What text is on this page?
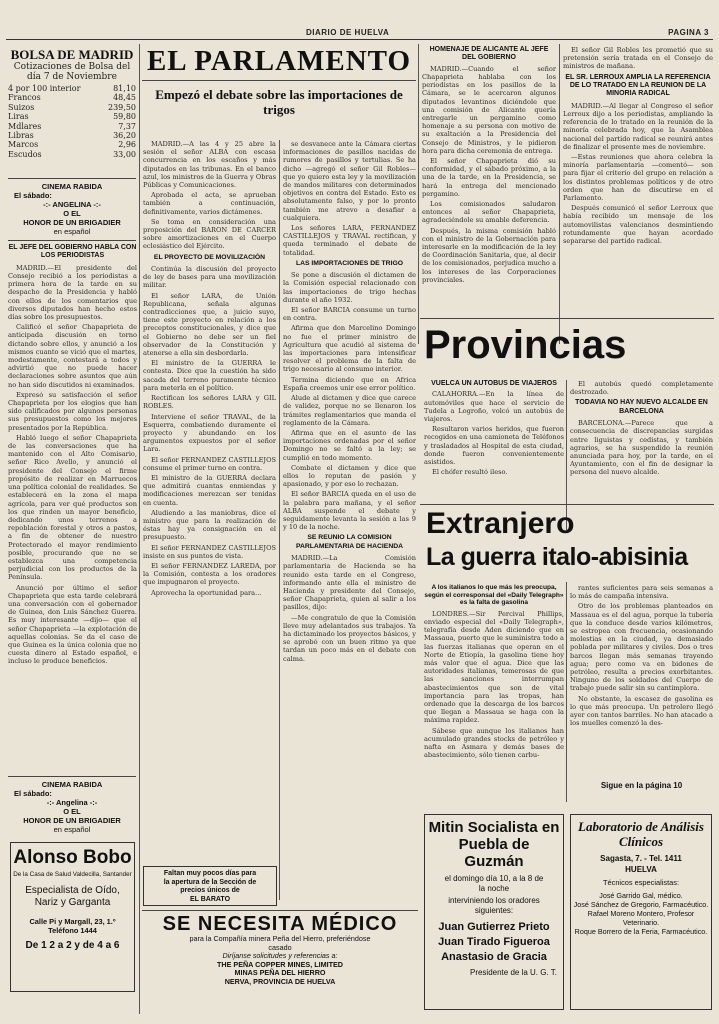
DIARIO DE HUELVA	PAGINA 3
BOLSA DE MADRID
Cotizaciones de Bolsa del
día 7 de Noviembre
4 por 100 interior	81,10
Francos	48,45
Suizos	239,50
Liras	59,80
Mdlares	7,37
Libras	36,20
Marcos	2,96
Escudos	33,00
CINEMA RABIDA
El sábado:
-:- ANGELINA -:-
O EL
HONOR DE UN BRIGADIER
en español
EL JEFE DEL GOBIERNO HABLA CON LOS PERIODISTAS

MADRID.—El presidente del Consejo recibió a los periodistas a primera hora de la tarde en su despacho de la Presidencia y habló con ellos de los comentarios que diversos diputados han hecho estos días sobre los presupuestos.

Calificó el señor Chapaprieta de anticipada discusión en torno dictando sobre ellos, y anunció a los mismos cuanto se vició que el martes, modestamente, contestará a todos y advirtió que no puede hacer declaraciones sobre asuntos que aún no han sido discutidos ni examinados.

Expresó su satisfacción el señor Chapaprieta por los elogios que han sido calificados por algunos personas sus presupuestos como los mejores presentados por la República.

Habló luego el señor Chapaprieta de las conversaciones que ha mantenido con el Alto Comisario, señor Rico Avello, y anunció el presidente del Consejo el firme propósito de realizar en Marruecos una política colonial de realidades. Se establecerá en la zona el mapa agrícola, para ver qué productos son los que rinden un mayor beneficio, dedicando unos terrenos a repoblación forestal y otros a pastos, a fin de obtener de nuestro Protectorado el mayor rendimiento posible, procurando que no se establezca una competencia perjudicial con los productos de la Península.

Anunció por último el señor Chapaprieta que esta tarde celebrará una conversación con el gobernador de Guinea, don Luis Sánchez Guerra. Es muy interesante —dijo— que el señor Chapaprieta —la explotación de aquellas colonias. Se da el caso de que Guinea es la única colonia que no cuesta dinero al Estado español, e incluso le produce beneficios.

CINEMA RABIDA
El sábado:
-:- Angelina -:-
O EL
HONOR DE UN BRIGADIER
en español
Alonso Bobo
De la Casa de Salud Valdecilla, Santander
Especialista de Oído,
Nariz y Garganta
Calle Pi y Margall, 23, 1.º
Teléfono 1444
De 1 2 a 2 y de 4 a 6
EL PARLAMENTO
Empezó el debate sobre las importaciones de trigos

MADRID.—A las 4 y 25 abre la sesión el señor ALBA con escasa concurrencia en los escaños y más diputados en las tribunas. En el banco azul, los ministros de la Guerra y Obras Públicas y Comunicaciones.

Aprobada el acta, se aprueban también a continuación, definitivamente, varios dictámenes.

Se toma en consideración una proposición del BARON DE CARCER sobre amortizaciones en el Cuerpo eclesiástico del Ejército.

EL PROYECTO DE MOVILIZACIÓN

Continúa la discusión del proyecto de ley de bases para una movilización militar.

El señor LARA, de Unión Republicana, señala algunas contradicciones que, a juicio suyo, tiene este proyecto en relación a los preceptos constitucionales, y dice que el Gobierno no debe ser un fiel observador de la Constitución y atenerse a ella sin desbordarla.

El ministro de la GUERRA le contesta. Dice que la cuestión ha sido sacada del terreno puramente técnico para meterla en el político.

Rectifican los señores LARA y GIL ROBLES.

Interviene el señor TRAVAL, de la Esquerra, combatiendo duramente el proyecto y abundando en los argumentos expuestos por el señor Lara.

El señor FERNANDEZ CASTILLEJOS consume el primer turno en contra.

El ministro de la GUERRA declara que admitirá cuantas enmiendas y modificaciones merezcan ser tenidas en cuenta.

Aludiendo a las maniobras, dice el ministro que para la realización de éstas hay ya consignación en el presupuesto.

El señor FERNANDEZ CASTILLEJOS insiste en sus puntos de vista.

El señor FERNANDEZ LAREDA, por la Comisión, contesta a los oradores que impugnaron el proyecto.

Aprovecha la oportunidad para...

se desvanece ante la Cámara ciertas informaciones de pasillos nacidas de rumores de pasillos y tertulias. Se ha dicho —agregó el señor Gil Robles— que yo quiero esta ley y la movilización de mandos militares con determinados objetivos en contra del Estado. Esto es absolutamente falso, y por lo pronto también me atrevo a desafiar a cualquiera.

Los señores LARA, FERNANDEZ CASTILLEJOS y TRAVAL rectifican, y queda terminado el debate de totalidad.

LAS IMPORTACIONES DE TRIGO

Se pone a discusión el dictamen de la Comisión especial relacionado con las importaciones de trigo hechas durante el año 1932.

El señor BARCIA consume un turno en contra.

Afirma que don Marcelino Domingo no fue el primer ministro de Agricultura que acudió al sistema de las importaciones para intensificar resolver el problema de la falta de trigo necesario al consumo interior.

Termina diciendo que en Africa España creemos unir ese error político.

Alude al dictamen y dice que carece de validez, porque no se llenaron los trámites reglamentarios que manda el reglamento de la Cámara.

Afirma que en el asunto de las importaciones ordenadas por el señor Domingo no se faltó a la ley; se cumplió en todo momento.

Combate el dictamen y dice que ellos lo reputan de pasión y apasionado, y por eso lo rechazan.

El señor BARCIA queda en el uso de la palabra para mañana, y el señor ALBA suspende el debate y seguidamente levanta la sesión a las 9 y 10 de la noche.

SE REUNIO LA COMISION PARLAMENTARIA DE HACIENDA

MADRID.—La Comisión parlamentaria de Hacienda se ha reunido esta tarde en el Congreso, informando ante ella el ministro de Hacienda y presidente del Consejo, señor Chapaprieta, quien al salir a los pasillos, dijo:

—Me congratulo de que la Comisión lleve muy adelantados sus trabajos. Ya ha dictaminado los proyectos básicos, y se aprobó con un buen ritmo ya que tardan un poco más en el debate con calma.

Faltan muy pocos días para
la apertura de la Sección de
precios únicos de
EL BARATO
SE NECESITA MÉDICO
para la Compañía minera Peña del Hierro, preferiéndose
casado
Diríjanse solicitudes y referencias a:
THE PEÑA COPPER MINES, LIMITED
MINAS PEÑA DEL HIERRO
NERVA, PROVINCIA DE HUELVA
HOMENAJE DE ALICANTE AL JEFE DEL GOBIERNO

MADRID.—Cuando el señor Chapaprieta hablaba con los periodistas en los pasillos de la Cámara, se le acercaron algunos diputados levantinos diciéndole que una comisión de Alicante quería entregarle un pergamino como homenaje a su persona con motivo de su exaltación a la Presidencia del Consejo de Ministros, y le pidieron hora para dicha ceremonia de entrega.

El señor Chapaprieta dió su conformidad, y el sábado próximo, a la una de la tarde, en la Presidencia, se hará la entrega del mencionado pergamino.

Los comisionados saludaron entonces al señor Chapaprieta, agradeciéndole su amable deferencia.

Después, la misma comisión habló con el ministro de la Gobernación para interesarle en la modificación de la ley de Coordinación Sanitaria, que, al decir de los comisionados, perjudica mucho a los intereses de las Corporaciones provinciales.

El señor Gil Robles les prometió que su pretensión sería tratada en el Consejo de ministros de mañana.

EL SR. LERROUX AMPLIA LA REFERENCIA DE LO TRATADO EN LA REUNION DE LA MINORIA RADICAL

MADRID.—Al llegar al Congreso el señor Lerroux dijo a los periodistas, ampliando la referencia de lo tratado en la reunión de la minoría celebrada hoy, que la Asamblea nacional del partido radical se reunirá antes de finalizar el presente mes de noviembre.

—Estas reuniones que ahora celebra la minoría parlamentaria —comentó— son para fijar el criterio del grupo en relación a los distintos problemas políticos y de otro orden que han de discutirse en el Parlamento.

Después comunicó el señor Lerroux que había recibido un mensaje de los automovilistas valencianos desmintiendo rotundamente que hayan acordado separarse del partido radical.

Provincias
VUELCA UN AUTOBUS DE VIAJEROS

CALAHORRA.—En la línea de automóviles que hace el servicio de Tudela a Logroño, volcó un autobús de viajeros.

Resultaron varios heridos, que fueron recogidos en una camioneta de Teléfonos y trasladados al Hospital de esta ciudad, donde fueron convenientemente asistidos.

El chófer resultó ileso.

El autobús quedó completamente destrozado.

TODAVIA NO HAY NUEVO ALCALDE EN BARCELONA

BARCELONA.—Parece que a consecuencia de discrepancias surgidas entre liguistas y cedistas, y también agrarios, se ha suspendido la reunión anunciada para hoy, por la tarde, en el Ayuntamiento, con el fin de designar la persona del nuevo alcalde.

Extranjero
La guerra italo-abisinia
A los italianos lo que más les preocupa, según el corresponsal del «Daily Telegraph» es la falta de gasolina

LONDRES.—Sir Percival Phillips, enviado especial del «Daily Telegraph», telegrafía desde Aden diciendo que en Massaua, puerto que le suministra todo a las fuerzas italianas que operan en el Norte de Etiopía, la gasolina tiene hoy más valor que el agua. Dice que las autoridades italianas, temerosas de que las sanciones interrumpan abastecimientos que son de vital importancia para las tropas, han ordenado que la descarga de los barcos que llegan a Massaua se haga con la máxima rapidez.

Sábese que aunque los italianos han acumulado grandes stocks de petróleo y nafta en Asmara y demás bases de abastecimiento, sólo tienen carbu-

rantes suficientes para seis semanas a lo más de campaña intensiva.

Otro de los problemas planteados en Massaua es el del agua, porque la tubería que la conduce desde varios kilómetros, se estropea con frecuencia, ocasionando molestias en la ciudad, ya demasiado poblada por militares y civiles. Dos o tres barcos llegan más semanas trayendo agua; pero como va en bidones de petróleo, resulta a precios exorbitantes. Ninguno de los soldados del Cuerpo de trabajo puede salir sin su cantimplora.

No obstante, la escasez de gasolina es lo que más preocupa. Un petrolero llegó ayer con tantos barriles. No han atacado a los muelles comenzó la des-

Sigue en la página 10
Mitin Socialista en
Puebla de Guzmán
el domingo día 10, a la 8 de
la noche
interviniendo los oradores
siguientes:
Juan Gutierrez Prieto
Juan Tirado Figueroa
Anastasio de Gracia
Presidente de la U. G. T.
Laboratorio de Análisis
Clínicos
Sagasta, 7. - Tel. 1411
HUELVA
Técnicos especialistas:
José Garrido Gal, médico.
José Sánchez de Gregorio, Farmacéutico.
Rafael Moreno Montero, Profesor Veterinario.
Roque Borrero de la Feria, Farmacéutico.
